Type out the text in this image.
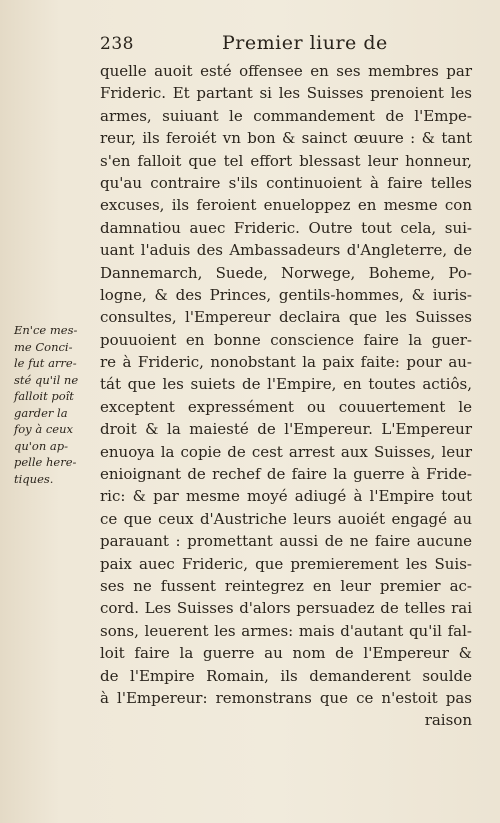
238	Premier liure de
quelle auoit esté offensee en ses membres par
Frideric. Et partant si les Suisses prenoient les
armes, suiuant le commandement de l'Empe-
reur, ils feroiét vn bon & sainct œuure : & tant
s'en falloit que tel effort blessast leur honneur,
qu'au contraire s'ils continuoient à faire telles
excuses, ils feroient enueloppez en mesme con
damnatiou auec Frideric. Outre tout cela, sui-
uant l'aduis des Ambassadeurs d'Angleterre, de
Dannemarch, Suede, Norwege, Boheme, Po-
logne, & des Princes, gentils-hommes, & iuris-
consultes, l'Empereur declaira que les Suisses
pouuoient en bonne conscience faire la guer-
re à Frideric, nonobstant la paix faite: pour au-
tát que les suiets de l'Empire, en toutes actiôs,
exceptent expressément ou couuertement le
droit & la maiesté de l'Empereur. L'Empereur
enuoya la copie de cest arrest aux Suisses, leur
enioignant de rechef de faire la guerre à Fride-
ric: & par mesme moyé adiugé à l'Empire tout
ce que ceux d'Austriche leurs auoiét engagé au
parauant : promettant aussi de ne faire aucune
paix auec Frideric, que premierement les Suis-
ses ne fussent reintegrez en leur premier ac-
cord. Les Suisses d'alors persuadez de telles rai
sons, leuerent les armes: mais d'autant qu'il fal-
loit faire la guerre au nom de l'Empereur &
de l'Empire Romain, ils demanderent soulde
à l'Empereur: remonstrans que ce n'estoit pas
raison
En'ce mes-
me Conci-
le fut arre-
sté qu'il ne
falloit poît
garder la
foy à ceux
qu'on ap-
pelle here-
tiques.
